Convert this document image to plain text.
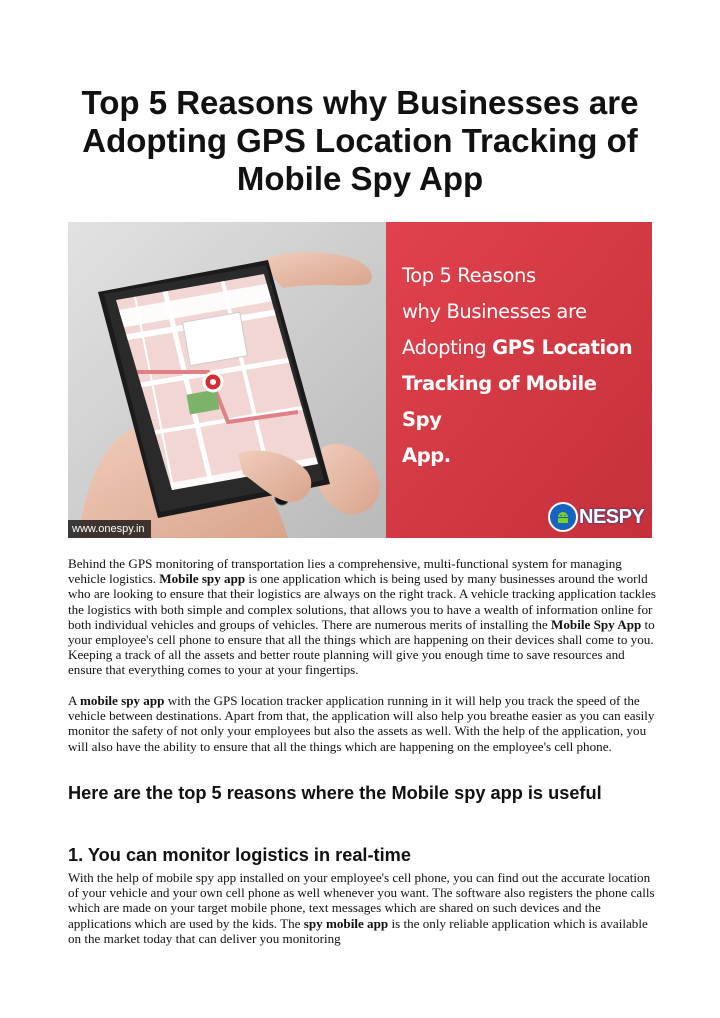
Top 5 Reasons why Businesses are Adopting GPS Location Tracking of Mobile Spy App
Top 5 Reasons
why Businesses are
Adopting GPS Location
Tracking of Mobile Spy
App.
www.onespy.in
NESPY

Behind the GPS monitoring of transportation lies a comprehensive, multi-functional system for managing vehicle logistics. Mobile spy app is one application which is being used by many businesses around the world who are looking to ensure that their logistics are always on the right track. A vehicle tracking application tackles the logistics with both simple and complex solutions, that allows you to have a wealth of information online for both individual vehicles and groups of vehicles. There are numerous merits of installing the Mobile Spy App to your employee's cell phone to ensure that all the things which are happening on their devices shall come to you. Keeping a track of all the assets and better route planning will give you enough time to save resources and ensure that everything comes to your at your fingertips.

A mobile spy app with the GPS location tracker application running in it will help you track the speed of the vehicle between destinations. Apart from that, the application will also help you breathe easier as you can easily monitor the safety of not only your employees but also the assets as well. With the help of the application, you will also have the ability to ensure that all the things which are happening on the employee's cell phone.

Here are the top 5 reasons where the Mobile spy app is useful
1. You can monitor logistics in real-time

With the help of mobile spy app installed on your employee's cell phone, you can find out the accurate location of your vehicle and your own cell phone as well whenever you want. The software also registers the phone calls which are made on your target mobile phone, text messages which are shared on such devices and the applications which are used by the kids. The spy mobile app is the only reliable application which is available on the market today that can deliver you monitoring
